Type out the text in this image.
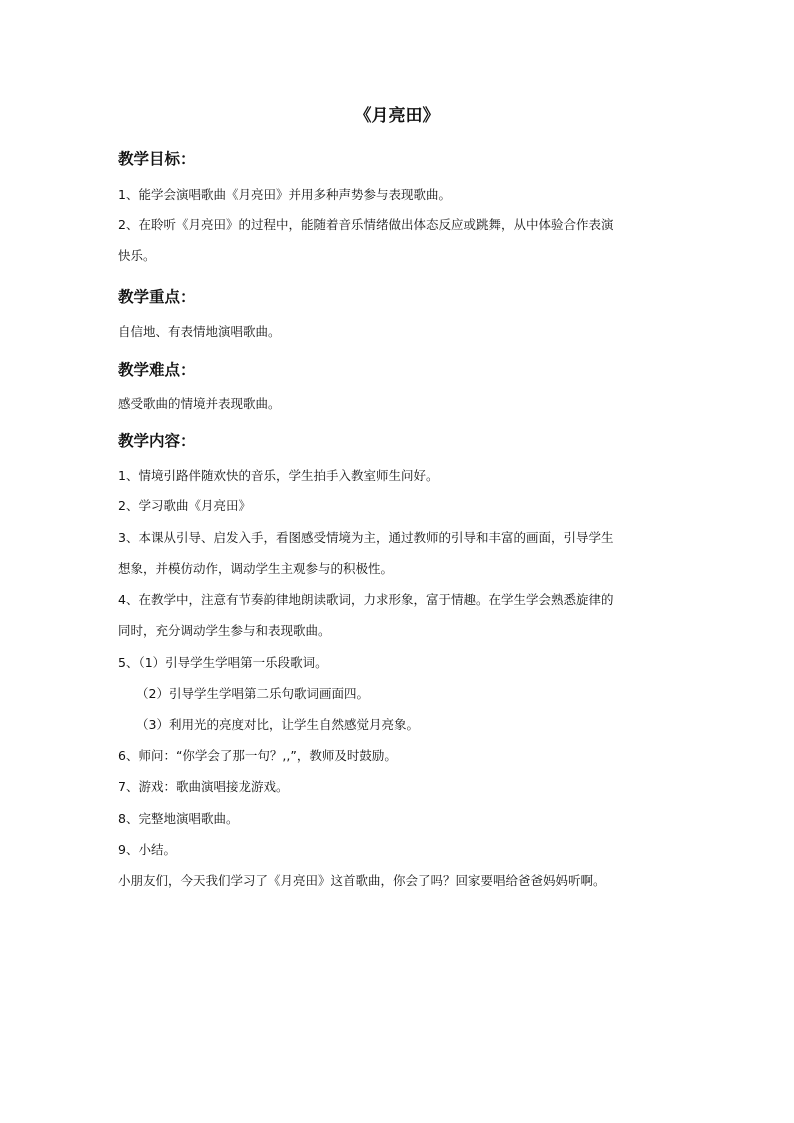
《月亮田》
教学目标：
1、能学会演唱歌曲《月亮田》并用多种声势参与表现歌曲。
2、在聆听《月亮田》的过程中，能随着音乐情绪做出体态反应或跳舞，从中体验合作表演
快乐。
教学重点：
自信地、有表情地演唱歌曲。
教学难点：
感受歌曲的情境并表现歌曲。
教学内容：
1、情境引路伴随欢快的音乐，学生拍手入教室师生问好。
2、学习歌曲《月亮田》
3、本课从引导、启发入手，看图感受情境为主，通过教师的引导和丰富的画面，引导学生
想象，并模仿动作，调动学生主观参与的积极性。
4、在教学中，注意有节奏韵律地朗读歌词，力求形象，富于情趣。在学生学会熟悉旋律的
同时，充分调动学生参与和表现歌曲。
5、（1）引导学生学唱第一乐段歌词。
（2）引导学生学唱第二乐句歌词画面四。
（3）利用光的亮度对比，让学生自然感觉月亮象。
6、师问：“你学会了那一句？,,”，教师及时鼓励。
7、游戏：歌曲演唱接龙游戏。
8、完整地演唱歌曲。
9、小结。
小朋友们，今天我们学习了《月亮田》这首歌曲，你会了吗？回家要唱给爸爸妈妈听啊。
